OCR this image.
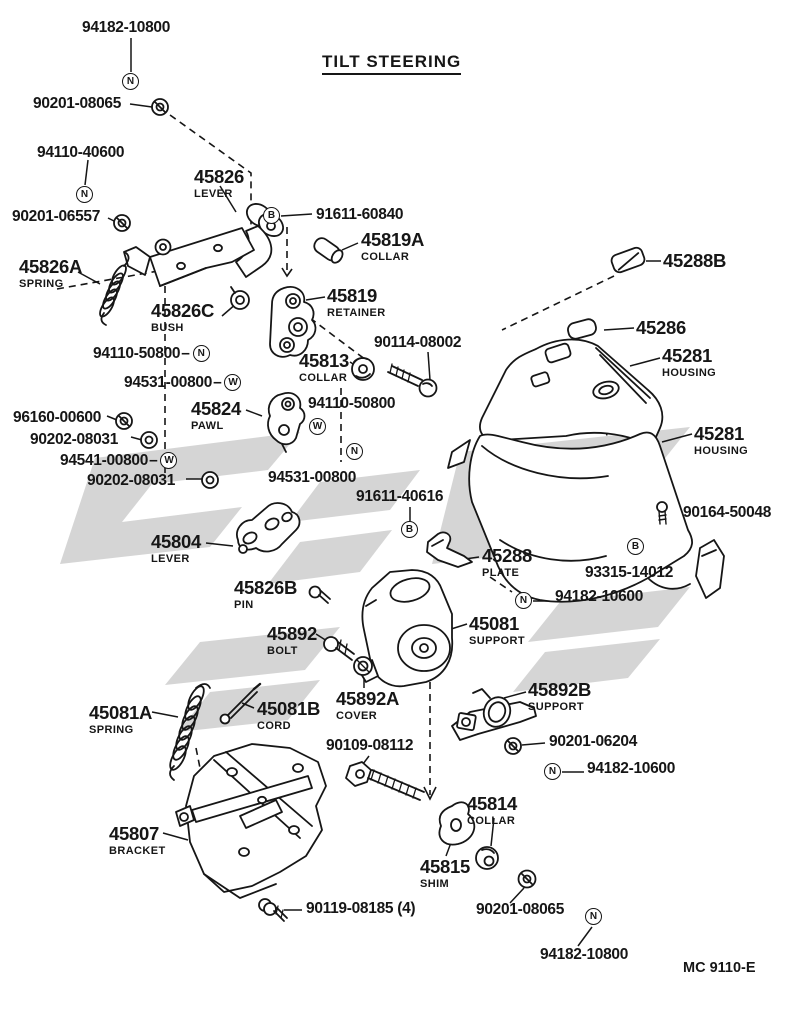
TILT STEERING
MC 9110-E
45826
LEVER
45826A
SPRING
45826C
BUSH
45819A
COLLAR
45819
RETAINER
45813
COLLAR
45824
PAWL
45804
LEVER
45826B
PIN
45288
PLATE
45288B
45286
45281
HOUSING
45281
HOUSING
45081
SUPPORT
45892
BOLT
45892A
COVER
45892B
SUPPORT
45081A
SPRING
45081B
CORD
45807
BRACKET
45814
COLLAR
45815
SHIM
94182-10800
90201-08065
94110-40600
90201-06557	91611-60840
94110-50800 – N
94531-00800 – W
90114-08002
96160-00600
90202-08031
94541-00800 – W
94110-50800
90202-08031	94531-00800
91611-40616
90164-50048
93315-14012
94182-10600
90109-08112	90201-06204
94182-10600
90119-08185 (4)	90201-08065
94182-10800
N
N
B
W
N
B
B
N
N
N
